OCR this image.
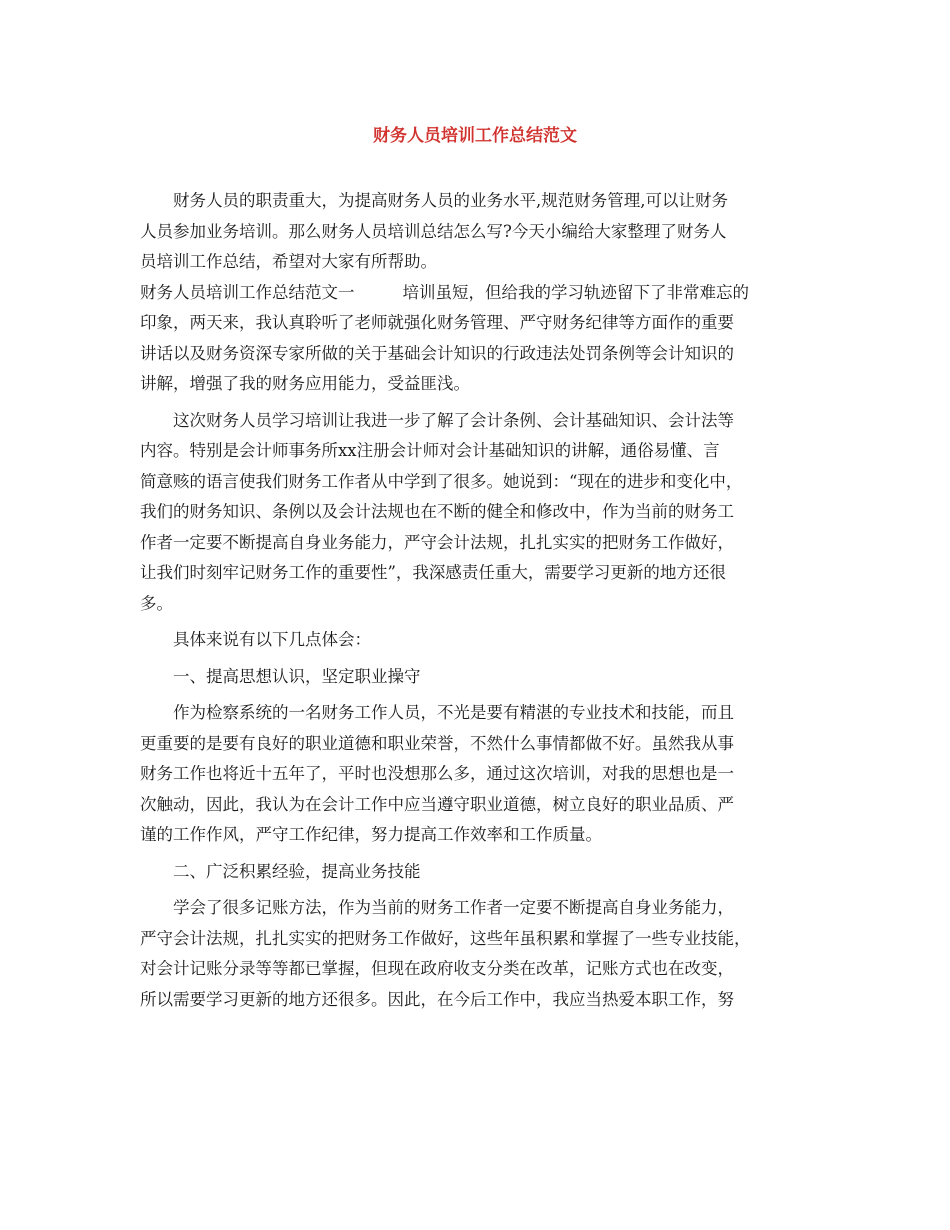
财务人员培训工作总结范文

财务人员的职责重大，为提高财务人员的业务水平,规范财务管理,可以让财务
人员参加业务培训。那么财务人员培训总结怎么写?今天小编给大家整理了财务人
员培训工作总结，希望对大家有所帮助。

财务人员培训工作总结范文一	培训虽短，但给我的学习轨迹留下了非常难忘的
印象，两天来，我认真聆听了老师就强化财务管理、严守财务纪律等方面作的重要
讲话以及财务资深专家所做的关于基础会计知识的行政违法处罚条例等会计知识的
讲解，增强了我的财务应用能力，受益匪浅。

这次财务人员学习培训让我进一步了解了会计条例、会计基础知识、会计法等
内容。特别是会计师事务所xx注册会计师对会计基础知识的讲解，通俗易懂、言
简意赅的语言使我们财务工作者从中学到了很多。她说到：“现在的进步和变化中，
我们的财务知识、条例以及会计法规也在不断的健全和修改中，作为当前的财务工
作者一定要不断提高自身业务能力，严守会计法规，扎扎实实的把财务工作做好，
让我们时刻牢记财务工作的重要性”，我深感责任重大，需要学习更新的地方还很
多。

具体来说有以下几点体会：

一、提高思想认识，坚定职业操守

作为检察系统的一名财务工作人员，不光是要有精湛的专业技术和技能，而且
更重要的是要有良好的职业道德和职业荣誉，不然什么事情都做不好。虽然我从事
财务工作也将近十五年了，平时也没想那么多，通过这次培训，对我的思想也是一
次触动，因此，我认为在会计工作中应当遵守职业道德，树立良好的职业品质、严
谨的工作作风，严守工作纪律，努力提高工作效率和工作质量。

二、广泛积累经验，提高业务技能

学会了很多记账方法，作为当前的财务工作者一定要不断提高自身业务能力，
严守会计法规，扎扎实实的把财务工作做好，这些年虽积累和掌握了一些专业技能，
对会计记账分录等等都已掌握，但现在政府收支分类在改革，记账方式也在改变，
所以需要学习更新的地方还很多。因此，在今后工作中，我应当热爱本职工作，努
